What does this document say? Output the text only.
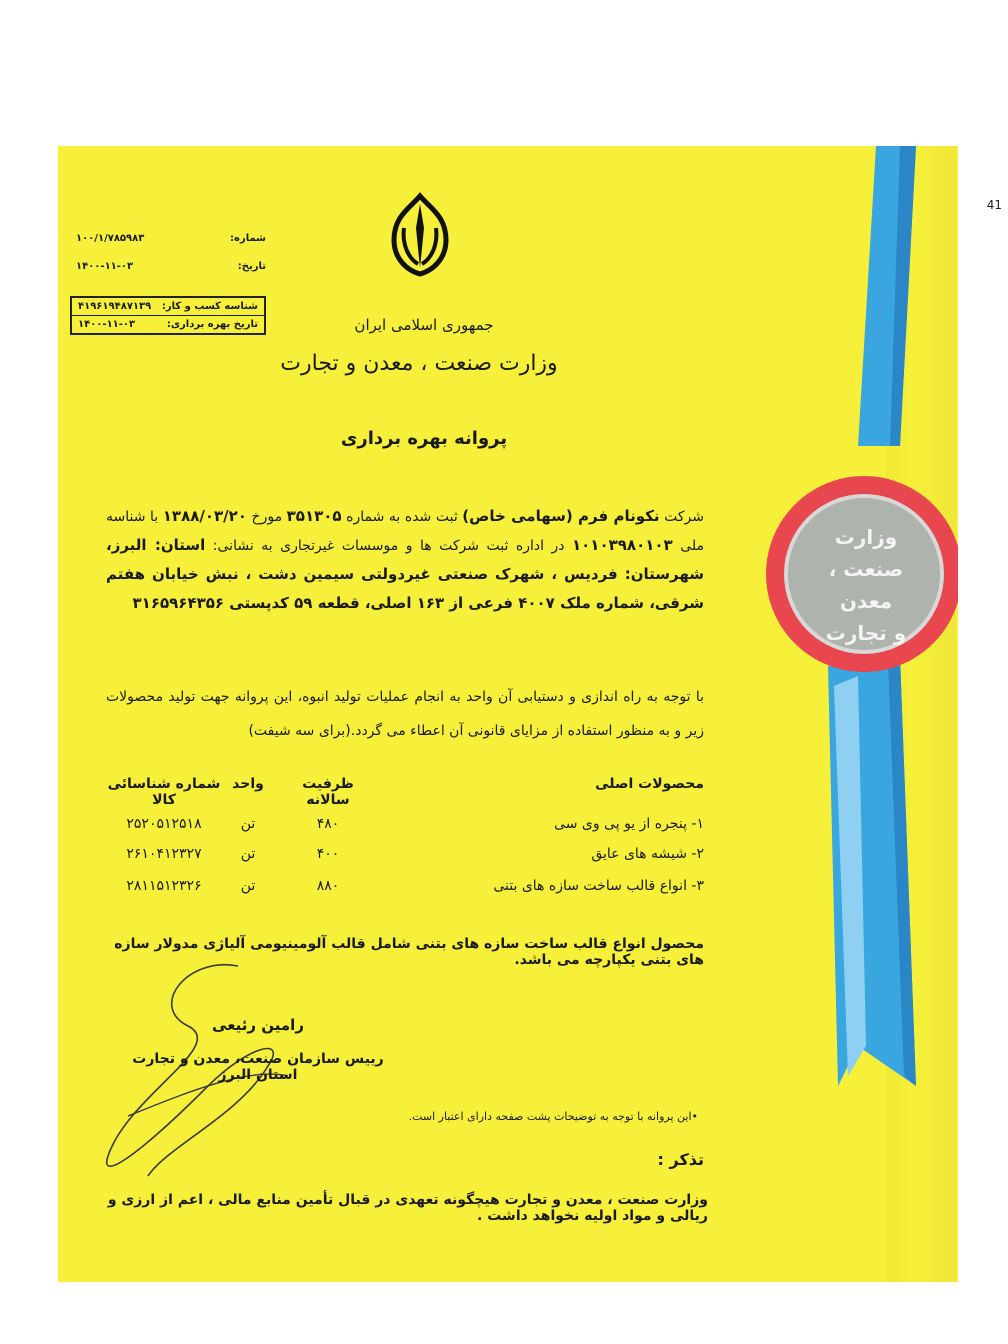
41
وزارت
صنعت ، معدن
و تجارت
شماره:
۱۰۰/۱/۷۸۵۹۸۳
تاریخ:
۱۴۰۰-۱۱-۰۳
شناسه کسب و کار:
۴۱۹۶۱۹۴۸۷۱۳۹
تاریخ بهره برداری:
۱۴۰۰-۱۱-۰۳	جمهوری اسلامی ایران
وزارت صنعت ، معدن و تجارت
پروانه بهره برداری
شرکت نکونام فرم (سهامی خاص) ثبت شده به شماره ۳۵۱۳۰۵ مورخ ۱۳۸۸/۰۳/۲۰ با شناسه ملی ۱۰۱۰۳۹۸۰۱۰۳ در اداره ثبت شرکت ها و موسسات غیرتجاری به نشانی: استان: البرز، شهرستان: فردیس ، شهرک صنعتی غیردولتی سیمین دشت ، نبش خیابان هفتم شرقی، شماره ملک ۴۰۰۷ فرعی از ۱۶۳ اصلی، قطعه ۵۹ کدپستی ۳۱۶۵۹۶۴۳۵۶
با توجه به راه اندازی و دستیابی آن واحد به انجام عملیات تولید انبوه، این پروانه جهت تولید محصولات زیر و به منظور استفاده از مزایای قانونی آن اعطاء می گردد.(برای سه شیفت)
محصولات اصلی
ظرفیت سالانه
واحد
شماره شناسائی کالا
۱- پنجره از یو پی وی سی
۴۸۰
تن
۲۵۲۰۵۱۲۵۱۸
۲- شیشه های عایق
۴۰۰
تن
۲۶۱۰۴۱۲۳۲۷
۳- انواع قالب ساخت سازه های بتنی
۸۸۰
تن
۲۸۱۱۵۱۲۳۲۶
محصول انواع قالب ساخت سازه های بتنی شامل قالب آلومینیومی آلیاژی مدولار سازه های بتنی یکپارچه می باشد.
رامین رئیعی
رییس سازمان صنعت، معدن و تجارت استان البرز
•این پروانه با توجه به توضیحات پشت صفحه دارای اعتبار است.
تذکر :
وزارت صنعت ، معدن و تجارت هیچگونه تعهدی در قبال تأمین منابع مالی ، اعم از ارزی و ریالی و مواد اولیه نخواهد داشت .
